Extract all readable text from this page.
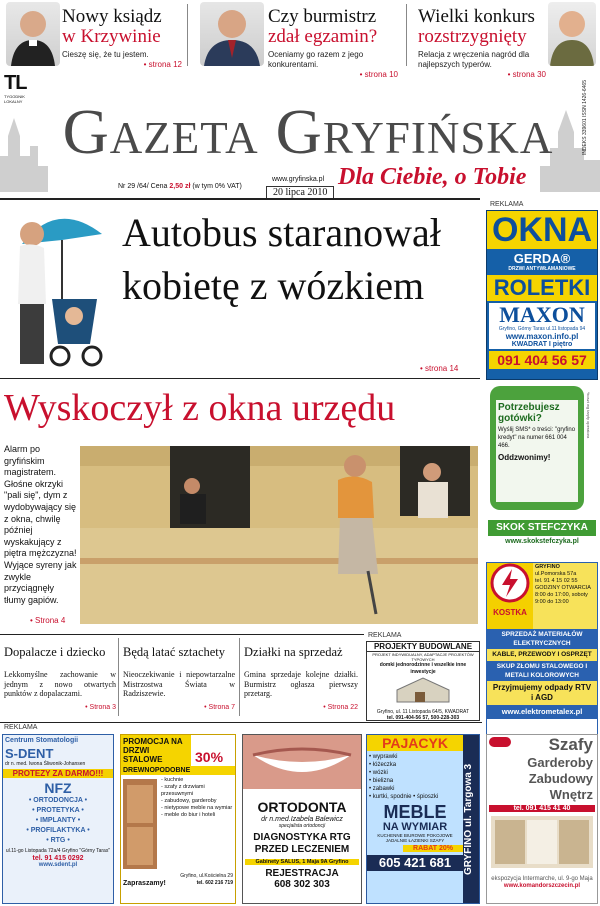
Nowy ksiądz
w Krzywinie
Cieszę się, że tu jestem.
• strona 12
Czy burmistrz
zdał egzamin?
Oceniamy go razem z jego konkurentami.
• strona 10
Wielki konkurs
rozstrzygnięty
Relacja z wręczenia nagród dla najlepszych typerów.
• strona 30
TL
TYGODNIK LOKALNY Gazeta Gryfińska	INDEKS 339601 ISSN 1426-6465
Nr 29 /64/ Cena 2,50 zł (w tym 0% VAT)
www.gryfinska.pl
20 lipca 2010
Dla Ciebie, o Tobie
Autobus staranował kobietę z wózkiem
• strona 14
Wyskoczył z okna urzędu
Alarm po gryfińskim magistratem. Głośne okrzyki "pali się", dym z wydobywający się z okna, chwilę później wyskakujący z piętra mężczyzna! Wyjące syreny jak zwykle przyciągnęły tłumy gapiów.
• Strona 4
REKLAMA
OKNA
GERDA®
DRZWI ANTYWŁAMANIOWE
ROLETKI
MAXON
Gryfino, Górny Taras ul.11 listopada 94
www.maxon.info.pl
KWADRAT I piętro
091 404 56 57
Potrzebujesz gotówki?
Wyślij SMS* o treści: "gryfino kredyt" na numer 661 004 466.
Oddzwonimy!
*koszt wg taryfy operatora
SKOK STEFCZYKA
www.skokstefczyka.pl
KOSTKA
GRYFINO
ul.Pomorska 57a
tel. 91 4 15 02 55
GODZINY OTWARCIA 8:00 do 17:00, soboty 9:00 do 13:00
SPRZEDAŻ MATERIAŁÓW ELEKTRYCZNYCH
KABLE, PRZEWODY I OSPRZĘT
SKUP ZŁOMU STALOWEGO I METALI KOLOROWYCH
Przyjmujemy odpady RTV i AGD
www.elektrometalex.pl
Dopalacze i dziecko
Lekkomyślne zachowanie w jednym z nowo otwartych punktów z dopalaczami.
• Strona 3
Będą latać sztachety
Nieoczekiwanie i niepowtarzalne Mistrzostwa Świata w Radziszewie.
• Strona 7
Działki na sprzedaż
Gmina sprzedaje kolejne działki. Burmistrz ogłasza pierwszy przetarg.
• Strona 22
REKLAMA
PROJEKTY BUDOWLANE
PROJEKT INDYWIDUALNY, ADAPTACJE PROJEKTÓW TYPOWYCH
domki jednorodzinne i wszelkie inne inwestycje
Gryfino, ul. 11 Listopada 64/5, KWADRAT
tel. 091-404-56 57, 500-228-303
REKLAMA
Centrum Stomatologii
S-DENT
dr n. med. Iwona Śliwonik-Johansen
PROTEZY ZA DARMO!!!
NFZ
• ORTODONCJA •
• PROTETYKA •
• IMPLANTY •
• PROFILAKTYKA •
• RTG •
ul.11-go Listopada 72a/4 Gryfino "Górny Taras"
tel. 91 415 0292
www.sdent.pl
PROMOCJA NA DRZWI STALOWE	30%
DREWNOPODOBNE
- kuchnie
- szafy z drzwiami przesuwnymi
- zabudowy, garderoby
- nietypowe meble na wymiar
- meble do biur i hoteli
Zapraszamy!
Gryfino, ul.Kościelna 29
tel. 602 216 719
ORTODONTA
dr n.med.Izabela Balewicz
specjalista ortodoncji
DIAGNOSTYKA RTG PRZED LECZENIEM
Gabinety SALUS, 1 Maja 9A Gryfino
REJESTRACJA
608 302 303
PAJACYK
• wyprawki
• łóżeczka
• wózki
• bielizna
• zabawki
• kurtki, spodnie • śpioszki
MEBLE
NA WYMIAR
KUCHENNE BIUROWE POKOJOWE
JADALNIE ŁAZIENKI SZAFY
RABAT 20%
605 421 681	GRYFINO ul. Targowa 3
Szafy
Garderoby
Zabudowy
Wnętrz
tel. 091 415 41 40
ekspozycja Intermarche, ul. 9-go Maja
www.komandorszczecin.pl
